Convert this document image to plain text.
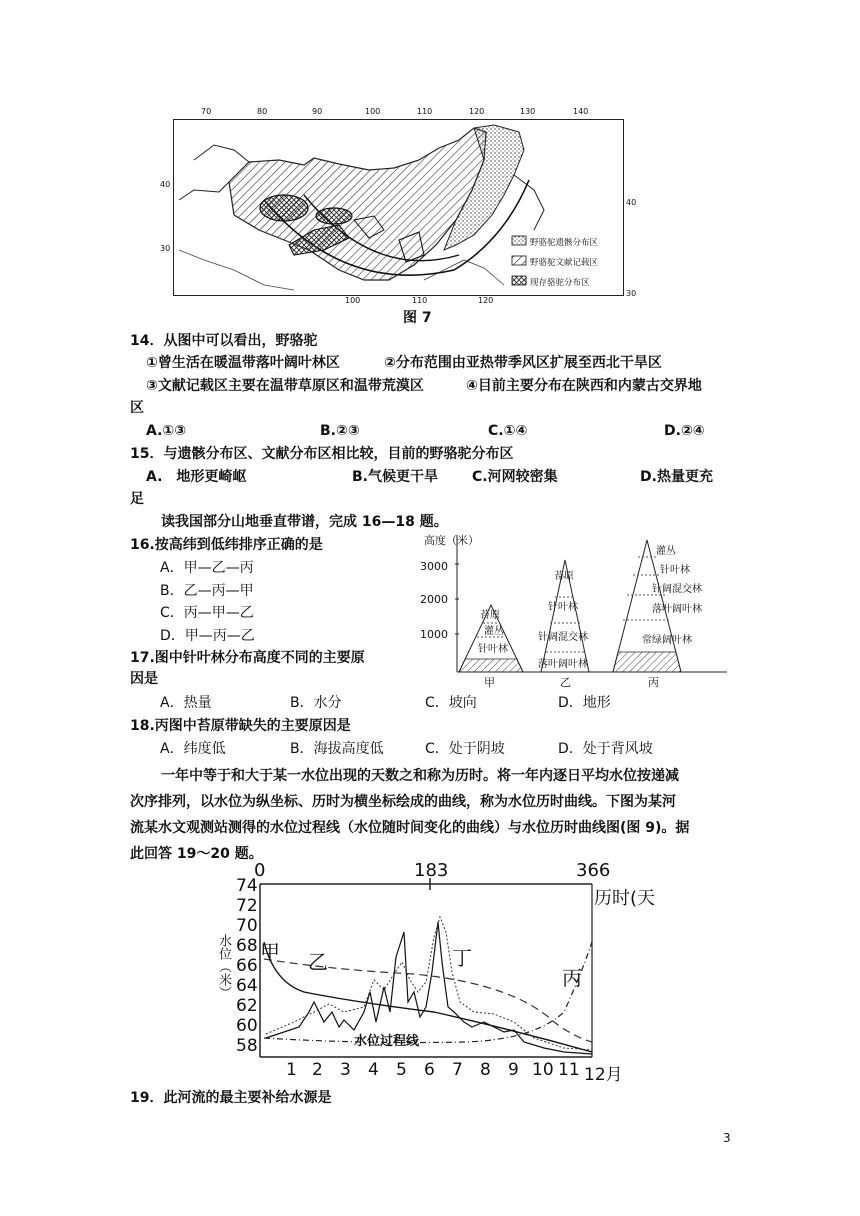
70	80	90	100	110	120	130	140
40
30
40
30
100	110	120
野骆驼遗骸分布区
野骆驼文献记载区
现存骆驼分布区
图 7
14．从图中可以看出，野骆驼
①曾生活在暖温带落叶阔叶林区	②分布范围由亚热带季风区扩展至西北干旱区
③文献记载区主要在温带草原区和温带荒漠区	④目前主要分布在陕西和内蒙古交界地
区
A.①③	B.②③	C.①④	D.②④
15．与遗骸分布区、文献分布区相比较，目前的野骆驼分布区
A.　地形更崎岖	B.气候更干旱 C.河网较密集	D.热量更充
足
读我国部分山地垂直带谱，完成 16—18 题。
16.按高纬到低纬排序正确的是
A．甲—乙—丙
B．乙—丙—甲
C．丙—甲—乙
D．甲—丙—乙
17.图中针叶林分布高度不同的主要原
因是
A．热量	B．水分	C．坡向	D．地形
高度（米）
3000
2000
1000
苔原
灌丛
针叶林
苔原
针叶林
针阔混交林
落叶阔叶林
灌丛
针叶林
针阔混交林
落叶阔叶林
常绿阔叶林
甲	乙	丙
18.丙图中苔原带缺失的主要原因是
A．纬度低	B．海拔高度低	C．处于阴坡	D．处于背风坡
一年中等于和大于某一水位出现的天数之和称为历时。将一年内逐日平均水位按递减
次序排列，以水位为纵坐标、历时为横坐标绘成的曲线，称为水位历时曲线。下图为某河
流某水文观测站测得的水位过程线（水位随时间变化的曲线）与水位历时曲线图(图 9)。据
此回答 19～20 题。
0	183	366
历时(天
74
72
70
68
66
64
62
60
58
水位（米） 甲 乙	丁
丙
水位过程线
1 2 3 4 5 6 7 8 9 10 11 12月
19．此河流的最主要补给水源是
3
